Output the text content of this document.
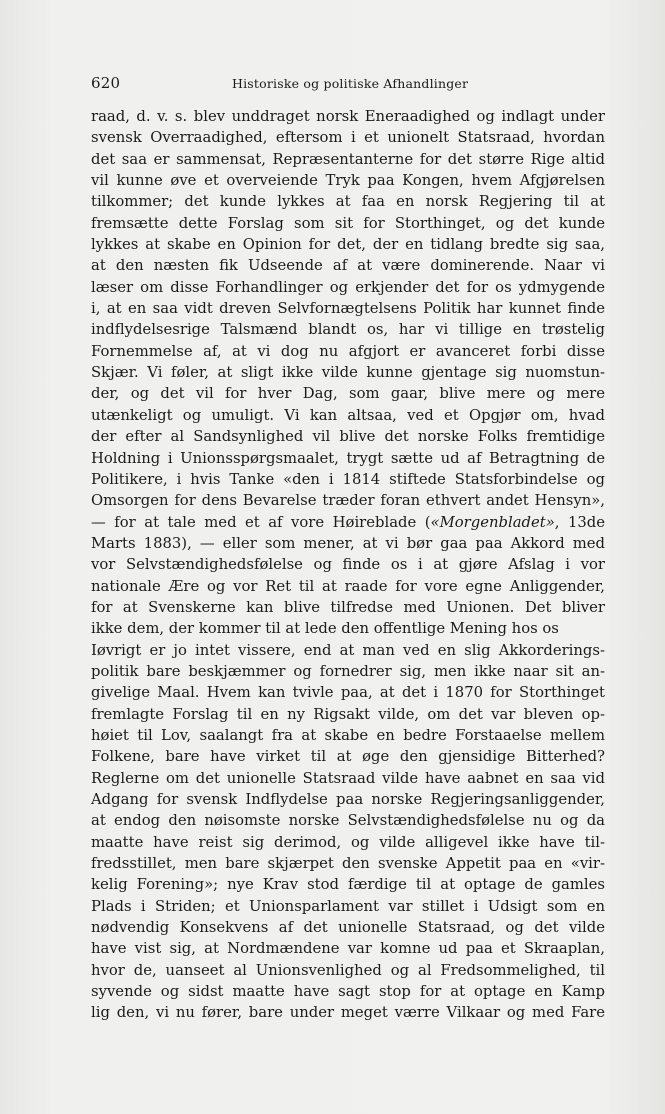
620	Historiske og politiske Afhandlinger
raad, d. v. s. blev unddraget norsk Eneraadighed og indlagt under
svensk Overraadighed, eftersom i et unionelt Statsraad, hvordan
det saa er sammensat, Repræsentanterne for det større Rige altid
vil kunne øve et overveiende Tryk paa Kongen, hvem Afgjørelsen
tilkommer; det kunde lykkes at faa en norsk Regjering til at
fremsætte dette Forslag som sit for Storthinget, og det kunde
lykkes at skabe en Opinion for det, der en tidlang bredte sig saa,
at den næsten fik Udseende af at være dominerende. Naar vi
læser om disse Forhandlinger og erkjender det for os ydmygende
i, at en saa vidt dreven Selvfornægtelsens Politik har kunnet finde
indflydelsesrige Talsmænd blandt os, har vi tillige en trøstelig
Fornemmelse af, at vi dog nu afgjort er avanceret forbi disse
Skjær. Vi føler, at sligt ikke vilde kunne gjentage sig nuomstun-
der, og det vil for hver Dag, som gaar, blive mere og mere
utænkeligt og umuligt. Vi kan altsaa, ved et Opgjør om, hvad
der efter al Sandsynlighed vil blive det norske Folks fremtidige
Holdning i Unionsspørgsmaalet, trygt sætte ud af Betragtning de
Politikere, i hvis Tanke «den i 1814 stiftede Statsforbindelse og
Omsorgen for dens Bevarelse træder foran ethvert andet Hensyn»,
— for at tale med et af vore Høireblade («Morgenbladet», 13de
Marts 1883), — eller som mener, at vi bør gaa paa Akkord med
vor Selvstændighedsfølelse og finde os i at gjøre Afslag i vor
nationale Ære og vor Ret til at raade for vore egne Anliggender,
for at Svenskerne kan blive tilfredse med Unionen. Det bliver
ikke dem, der kommer til at lede den offentlige Mening hos os
Iøvrigt er jo intet vissere, end at man ved en slig Akkorderings-
politik bare beskjæmmer og fornedrer sig, men ikke naar sit an-
givelige Maal. Hvem kan tvivle paa, at det i 1870 for Storthinget
fremlagte Forslag til en ny Rigsakt vilde, om det var bleven op-
høiet til Lov, saalangt fra at skabe en bedre Forstaaelse mellem
Folkene, bare have virket til at øge den gjensidige Bitterhed?
Reglerne om det unionelle Statsraad vilde have aabnet en saa vid
Adgang for svensk Indflydelse paa norske Regjeringsanliggender,
at endog den nøisomste norske Selvstændighedsfølelse nu og da
maatte have reist sig derimod, og vilde alligevel ikke have til-
fredsstillet, men bare skjærpet den svenske Appetit paa en «vir-
kelig Forening»; nye Krav stod færdige til at optage de gamles
Plads i Striden; et Unionsparlament var stillet i Udsigt som en
nødvendig Konsekvens af det unionelle Statsraad, og det vilde
have vist sig, at Nordmændene var komne ud paa et Skraaplan,
hvor de, uanseet al Unionsvenlighed og al Fredsommelighed, til
syvende og sidst maatte have sagt stop for at optage en Kamp
lig den, vi nu fører, bare under meget værre Vilkaar og med Fare
